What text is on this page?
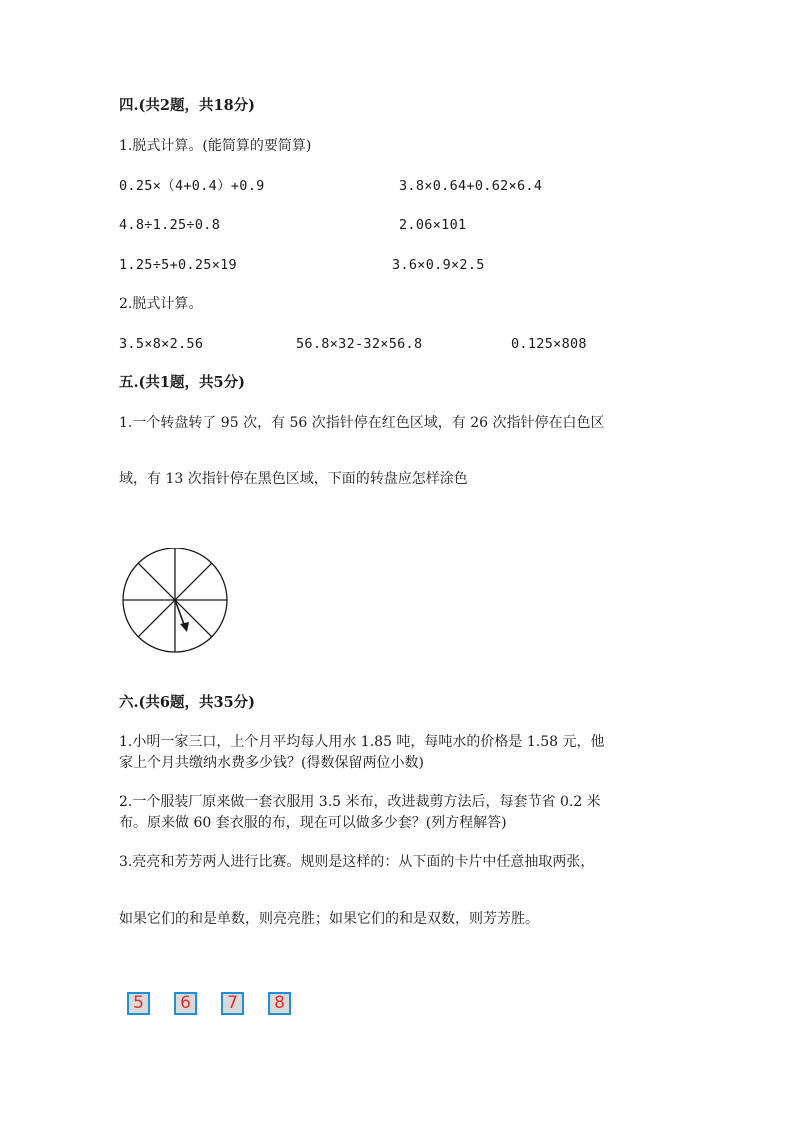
四.(共2题，共18分)
1.脱式计算。(能简算的要简算)
0.25×（4+0.4）+0.9	3.8×0.64+0.62×6.4
4.8÷1.25÷0.8	2.06×101
1.25÷5+0.25×19	3.6×0.9×2.5
2.脱式计算。
3.5×8×2.56	56.8×32-32×56.8	0.125×808
五.(共1题，共5分)
1.一个转盘转了 95 次，有 56 次指针停在红色区域，有 26 次指针停在白色区
域，有 13 次指针停在黑色区域，下面的转盘应怎样涂色
六.(共6题，共35分)
1.小明一家三口，上个月平均每人用水 1.85 吨，每吨水的价格是 1.58 元，他
家上个月共缴纳水费多少钱？(得数保留两位小数)
2.一个服装厂原来做一套衣服用 3.5 米布，改进裁剪方法后，每套节省 0.2 米
布。原来做 60 套衣服的布，现在可以做多少套？(列方程解答)
3.亮亮和芳芳两人进行比赛。规则是这样的：从下面的卡片中任意抽取两张，
如果它们的和是单数，则亮亮胜；如果它们的和是双数，则芳芳胜。
5	6	7	8
